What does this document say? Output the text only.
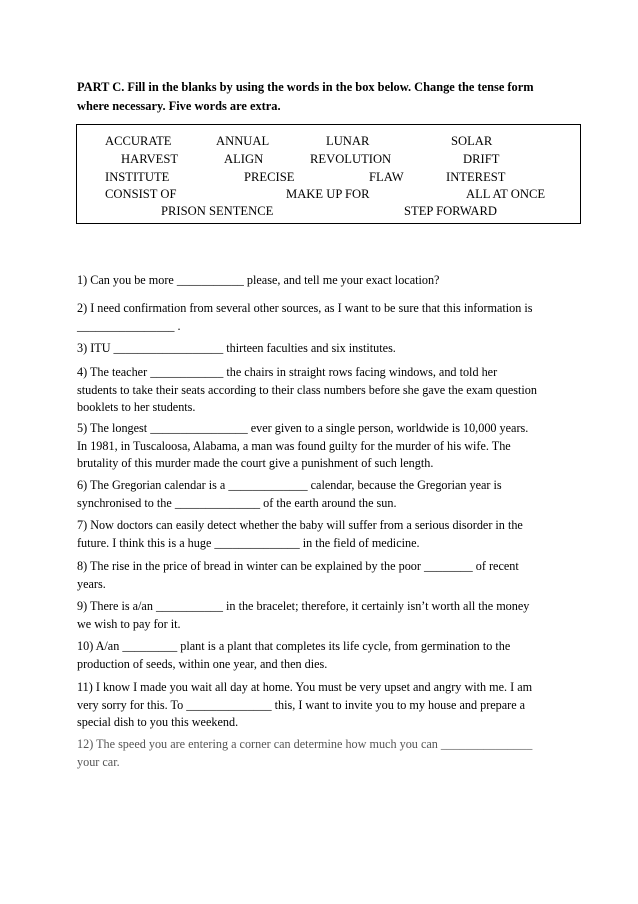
PART C. Fill in the blanks by using the words in the box below. Change the tense form
where necessary. Five words are extra.
ACCURATE	ANNUAL	LUNAR	SOLAR
HARVEST	ALIGN	REVOLUTION	DRIFT
INSTITUTE	PRECISE	FLAW	INTEREST
CONSIST OF	MAKE UP FOR	ALL AT ONCE
PRISON SENTENCE	STEP FORWARD
1) Can you be more ___________ please, and tell me your exact location?
2) I need confirmation from several other sources, as I want to be sure that this information is
________________ .
3) ITU __________________ thirteen faculties and six institutes.
4) The teacher ____________ the chairs in straight rows facing windows, and told her
students to take their seats according to their class numbers before she gave the exam question
booklets to her students.
5) The longest ________________ ever given to a single person, worldwide is 10,000 years.
In 1981, in Tuscaloosa, Alabama, a man was found guilty for the murder of his wife. The
brutality of this murder made the court give a punishment of such length.
6) The Gregorian calendar is a _____________ calendar, because the Gregorian year is
synchronised to the ______________ of the earth around the sun.
7) Now doctors can easily detect whether the baby will suffer from a serious disorder in the
future. I think this is a huge ______________ in the field of medicine.
8) The rise in the price of bread in winter can be explained by the poor ________ of recent
years.
9) There is a/an ___________ in the bracelet; therefore, it certainly isn’t worth all the money
we wish to pay for it.
10) A/an _________ plant is a plant that completes its life cycle, from germination to the
production of seeds, within one year, and then dies.
11) I know I made you wait all day at home. You must be very upset and angry with me. I am
very sorry for this. To ______________ this, I want to invite you to my house and prepare a
special dish to you this weekend.
12) The speed you are entering a corner can determine how much you can _______________
your car.
